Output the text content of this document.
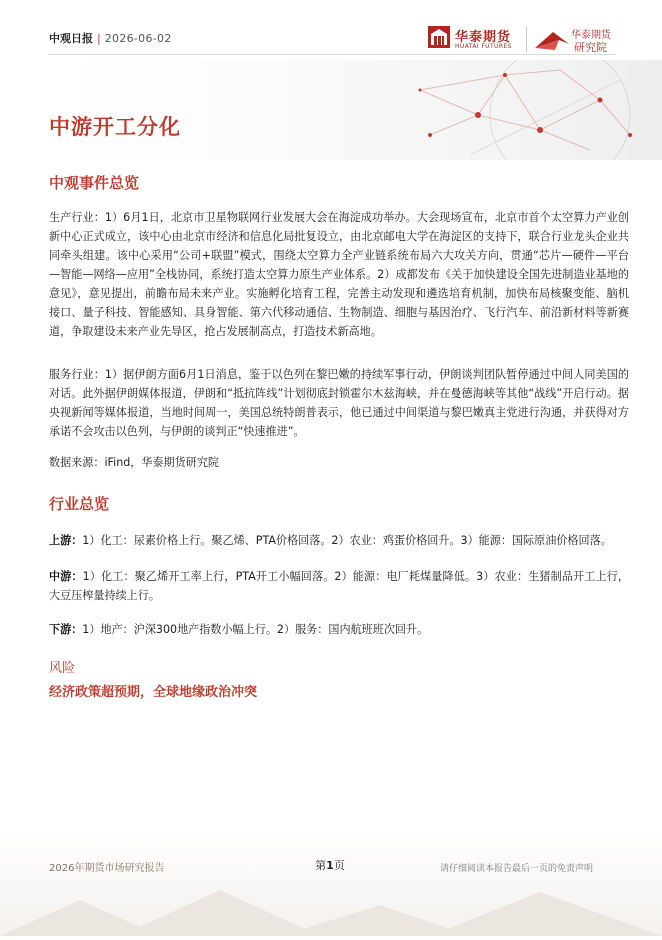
中观日报 | 2026-06-02	华泰期货
HUATAI FUTURES
华泰期货
研究院
中游开工分化
中观事件总览
生产行业：1）6月1日，北京市卫星物联网行业发展大会在海淀成功举办。大会现场宣布，北京市首个太空算力产业创新中心正式成立，该中心由北京市经济和信息化局批复设立，由北京邮电大学在海淀区的支持下，联合行业龙头企业共同牵头组建。该中心采用“公司+联盟”模式，围绕太空算力全产业链系统布局六大攻关方向，贯通“芯片—硬件—平台—智能—网络—应用”全栈协同，系统打造太空算力原生产业体系。2）成都发布《关于加快建设全国先进制造业基地的意见》，意见提出，前瞻布局未来产业。实施孵化培育工程，完善主动发现和遴选培育机制，加快布局核聚变能、脑机接口、量子科技、智能感知、具身智能、第六代移动通信、生物制造、细胞与基因治疗、飞行汽车、前沿新材料等新赛道，争取建设未来产业先导区，抢占发展制高点，打造技术新高地。
服务行业：1）据伊朗方面6月1日消息，鉴于以色列在黎巴嫩的持续军事行动，伊朗谈判团队暂停通过中间人同美国的对话。此外据伊朗媒体报道，伊朗和“抵抗阵线”计划彻底封锁霍尔木兹海峡，并在曼德海峡等其他“战线”开启行动。据央视新闻等媒体报道，当地时间周一，美国总统特朗普表示，他已通过中间渠道与黎巴嫩真主党进行沟通，并获得对方承诺不会攻击以色列，与伊朗的谈判正“快速推进”。
数据来源：iFind，华泰期货研究院
行业总览
上游：1）化工：尿素价格上行。聚乙烯、PTA价格回落。2）农业：鸡蛋价格回升。3）能源：国际原油价格回落。
中游：1）化工：聚乙烯开工率上行，PTA开工小幅回落。2）能源：电厂耗煤量降低。3）农业：生猪制品开工上行，大豆压榨量持续上行。
下游：1）地产：沪深300地产指数小幅上行。2）服务：国内航班班次回升。
风险
经济政策超预期，全球地缘政治冲突
2026年期货市场研究报告	第1页	请仔细阅读本报告最后一页的免责声明
